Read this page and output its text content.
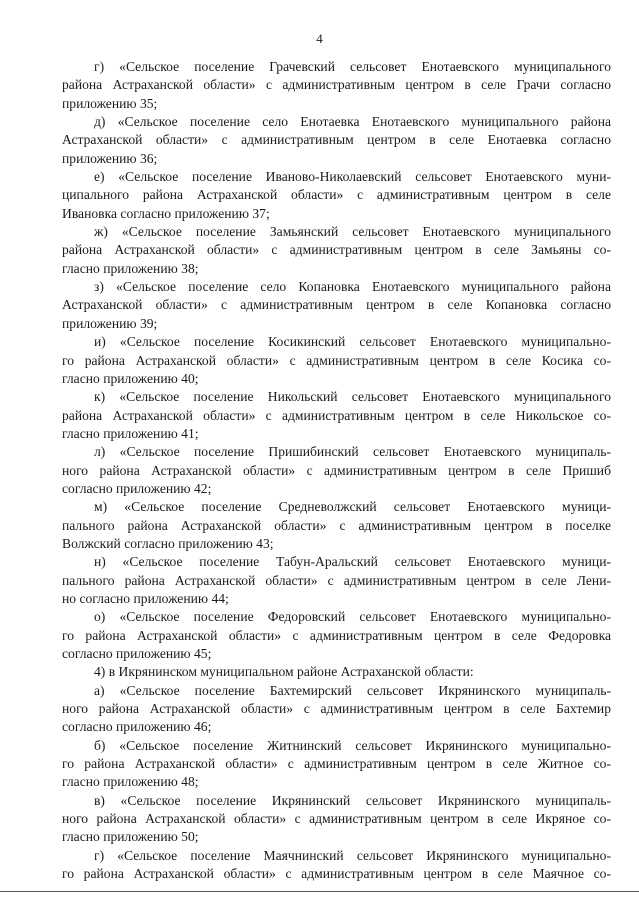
4
г) «Сельское поселение Грачевский сельсовет Енотаевского муниципального
района Астраханской области» с административным центром в селе Грачи согласно
приложению 35;
д) «Сельское поселение село Енотаевка Енотаевского муниципального района
Астраханской области» с административным центром в селе Енотаевка согласно
приложению 36;
е) «Сельское поселение Ивановo-Николаевский сельсовет Енотаевского муни-
ципального района Астраханской области» с административным центром в селе
Ивановка согласно приложению 37;
ж) «Сельское поселение Замьянский сельсовет Енотаевского муниципального
района Астраханской области» с административным центром в селе Замьяны со-
гласно приложению 38;
з) «Сельское поселение село Копановка Енотаевского муниципального района
Астраханской области» с административным центром в селе Копановка согласно
приложению 39;
и) «Сельское поселение Косикинский сельсовет Енотаевского муниципально-
го района Астраханской области» с административным центром в селе Косика со-
гласно приложению 40;
к) «Сельское поселение Никольский сельсовет Енотаевского муниципального
района Астраханской области» с административным центром в селе Никольское со-
гласно приложению 41;
л) «Сельское поселение Пришибинский сельсовет Енотаевского муниципаль-
ного района Астраханской области» с административным центром в селе Пришиб
согласно приложению 42;
м) «Сельское поселение Средневолжский сельсовет Енотаевского муници-
пального района Астраханской области» с административным центром в поселке
Волжский согласно приложению 43;
н) «Сельское поселение Табун-Аральский сельсовет Енотаевского муници-
пального района Астраханской области» с административным центром в селе Лени-
но согласно приложению 44;
о) «Сельское поселение Федоровский сельсовет Енотаевского муниципально-
го района Астраханской области» с административным центром в селе Федоровка
согласно приложению 45;
4) в Икрянинском муниципальном районе Астраханской области:
а) «Сельское поселение Бахтемирский сельсовет Икрянинского муниципаль-
ного района Астраханской области» с административным центром в селе Бахтемир
согласно приложению 46;
б) «Сельское поселение Житнинский сельсовет Икрянинского муниципально-
го района Астраханской области» с административным центром в селе Житное со-
гласно приложению 48;
в) «Сельское поселение Икрянинский сельсовет Икрянинского муниципаль-
ного района Астраханской области» с административным центром в селе Икряное со-
гласно приложению 50;
г) «Сельское поселение Маячнинский сельсовет Икрянинского муниципально-
го района Астраханской области» с административным центром в селе Маячное со-
